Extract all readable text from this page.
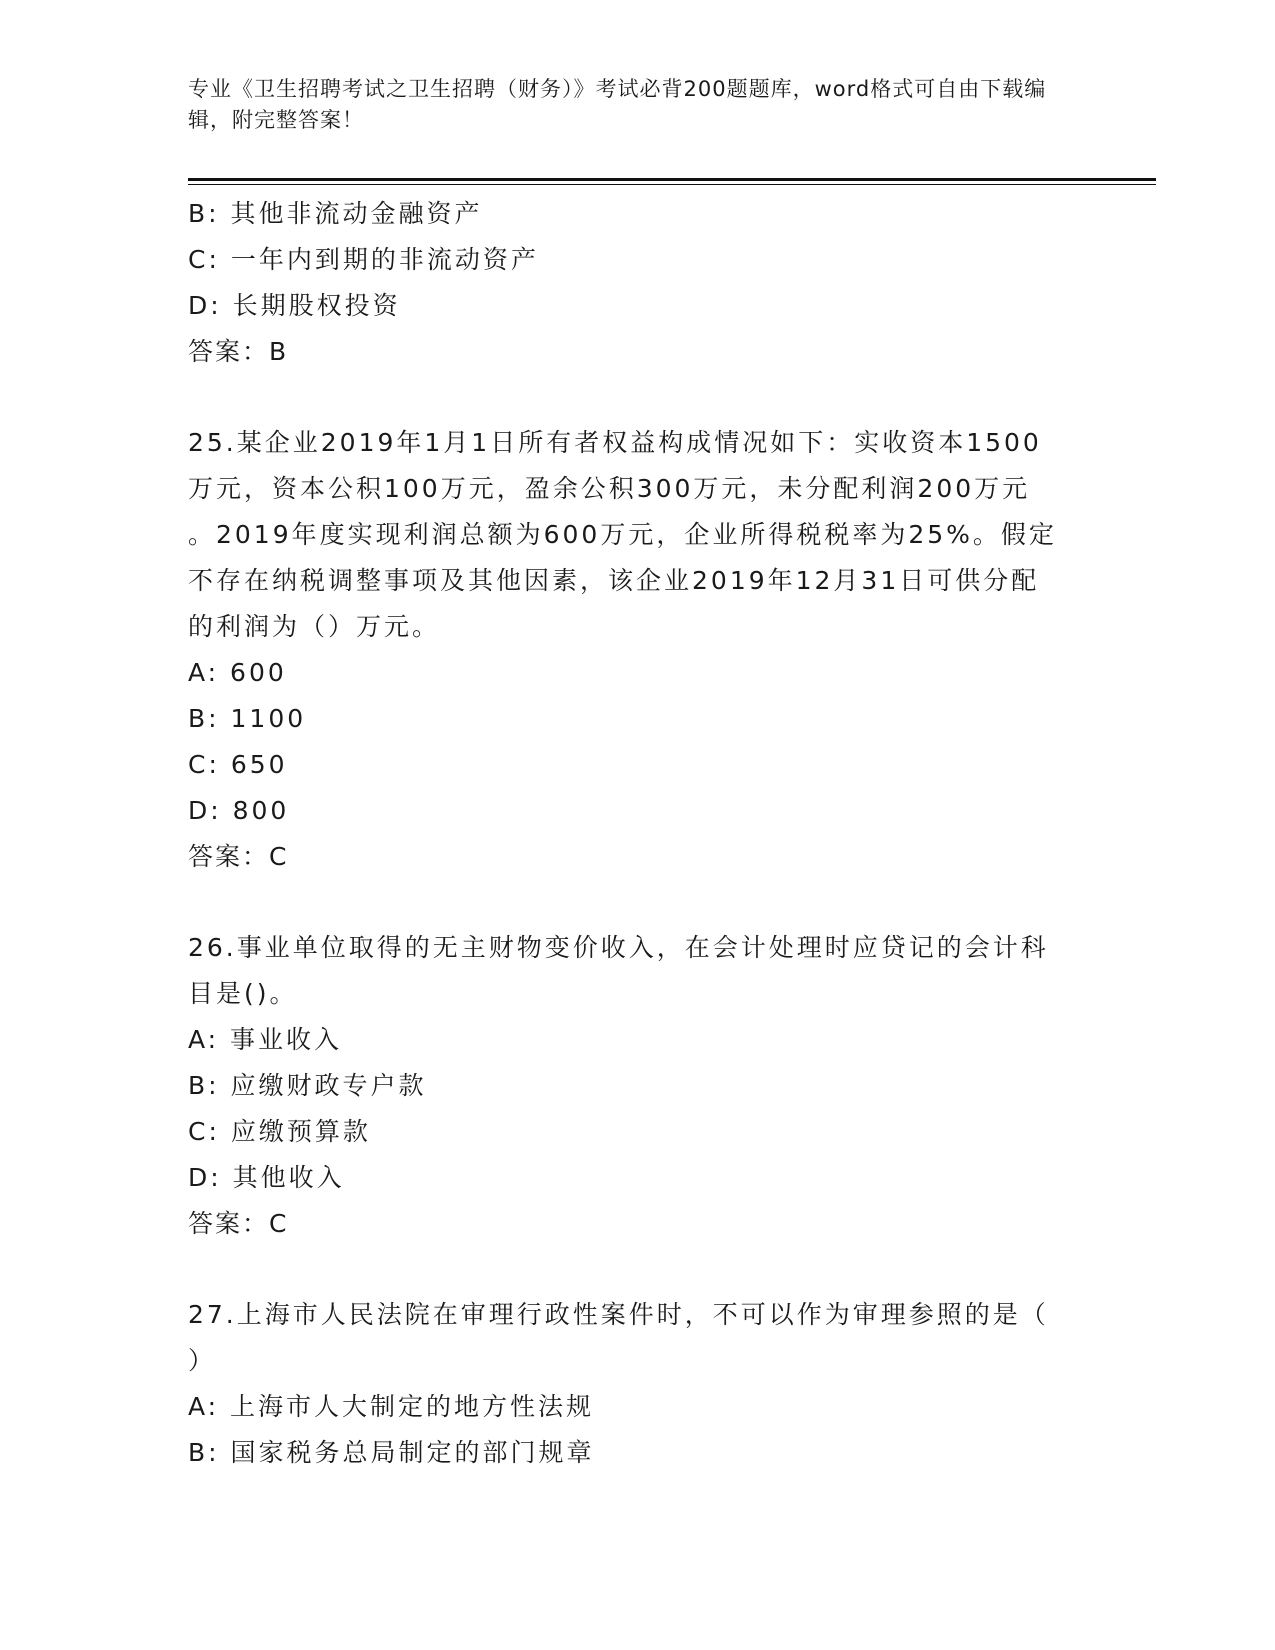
专业《卫生招聘考试之卫生招聘（财务）》考试必背200题题库，word格式可自由下载编辑，附完整答案！
B: 其他非流动金融资产
C: 一年内到期的非流动资产
D: 长期股权投资
答案：B
25.某企业2019年1月1日所有者权益构成情况如下：实收资本1500
万元，资本公积100万元，盈余公积300万元，未分配利润200万元
。2019年度实现利润总额为600万元，企业所得税税率为25%。假定
不存在纳税调整事项及其他因素，该企业2019年12月31日可供分配
的利润为（）万元。
A: 600
B: 1100
C: 650
D: 800
答案：C
26.事业单位取得的无主财物变价收入，在会计处理时应贷记的会计科
目是()。
A: 事业收入
B: 应缴财政专户款
C: 应缴预算款
D: 其他收入
答案：C
27.上海市人民法院在审理行政性案件时，不可以作为审理参照的是（
）
A: 上海市人大制定的地方性法规
B: 国家税务总局制定的部门规章
